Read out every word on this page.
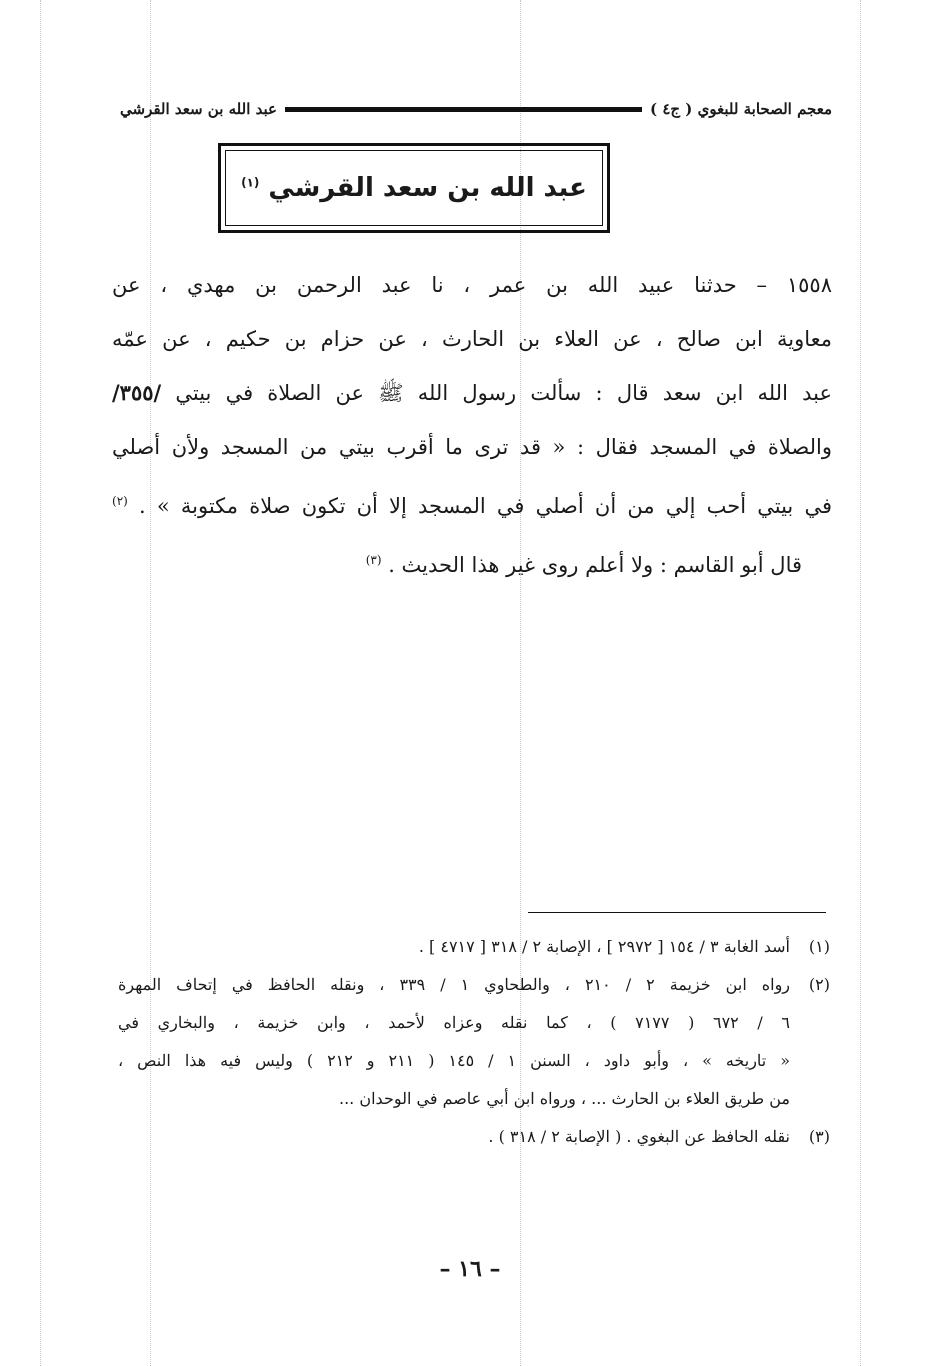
معجم الصحابة للبغوي ( ج٤ )
عبد الله بن سعد القرشي
عبد الله بن سعد القرشي $^{(١)}$
١٥٥٨ – حدثنا عبيد الله بن عمر ، نا عبد الرحمن بن مهدي ، عن
معاوية ابن صالح ، عن العلاء بن الحارث ، عن حزام بن حكيم ، عن عمّه
عبد الله ابن سعد قال : سألت رسول الله ﷺ عن الصلاة في بيتي /٣٥٥/
والصلاة في المسجد فقال : « قد ترى ما أقرب بيتي من المسجد ولأن أصلي
في بيتي أحب إلي من أن أصلي في المسجد إلا أن تكون صلاة مكتوبة » . $^{(٢)}$
قال أبو القاسم : ولا أعلم روى غير هذا الحديث . $^{(٣)}$
(١)
أسد الغابة ٣ / ١٥٤ [ ٢٩٧٢ ] ، الإصابة ٢ / ٣١٨ [ ٤٧١٧ ] .
(٢)
رواه ابن خزيمة ٢ / ٢١٠ ، والطحاوي ١ / ٣٣٩ ، ونقله الحافظ في إتحاف المهرة
٦ / ٦٧٢ ( ٧١٧٧ ) ، كما نقله وعزاه لأحمد ، وابن خزيمة ، والبخاري في
« تاريخه » ، وأبو داود ، السنن ١ / ١٤٥ ( ٢١١ و ٢١٢ ) وليس فيه هذا النص ،
من طريق العلاء بن الحارث ... ، ورواه ابن أبي عاصم في الوحدان ...
(٣)
نقله الحافظ عن البغوي . ( الإصابة ٢ / ٣١٨ ) .
– ١٦ –
